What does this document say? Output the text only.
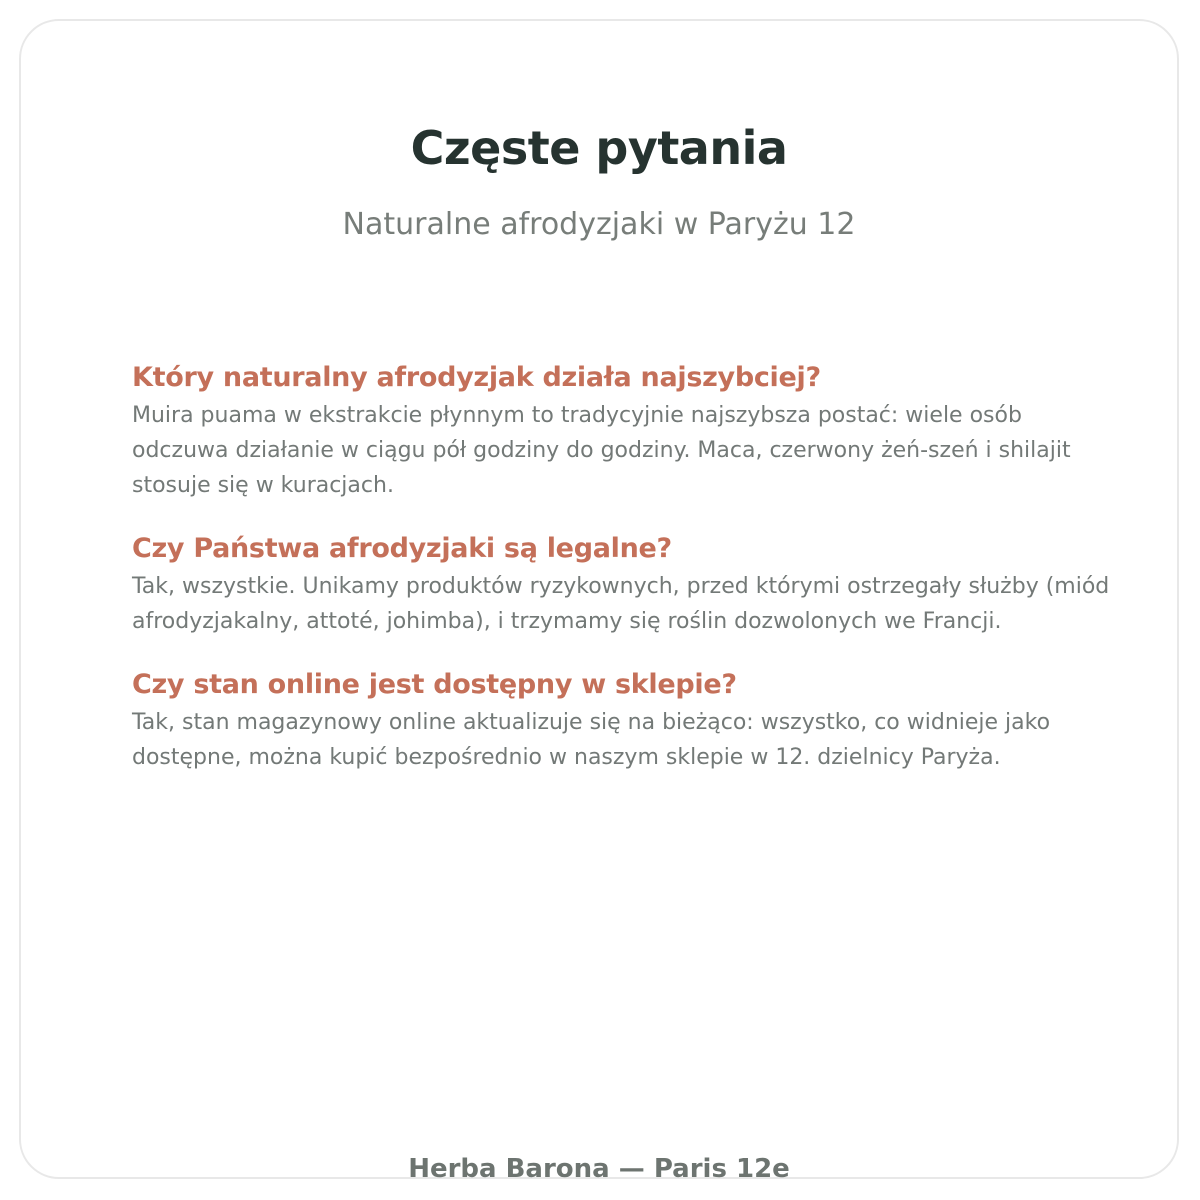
Częste pytania

Naturalne afrodyzjaki w Paryżu 12

Który naturalny afrodyzjak działa najszybciej?

Muira puama w ekstrakcie płynnym to tradycyjnie najszybsza postać: wiele osób odczuwa działanie w ciągu pół godziny do godziny. Maca, czerwony żeń-szeń i shilajit stosuje się w kuracjach.

Czy Państwa afrodyzjaki są legalne?

Tak, wszystkie. Unikamy produktów ryzykownych, przed którymi ostrzegały służby (miód afrodyzjakalny, attoté, johimba), i trzymamy się roślin dozwolonych we Francji.

Czy stan online jest dostępny w sklepie?

Tak, stan magazynowy online aktualizuje się na bieżąco: wszystko, co widnieje jako dostępne, można kupić bezpośrednio w naszym sklepie w 12. dzielnicy Paryża.

Herba Barona — Paris 12e
